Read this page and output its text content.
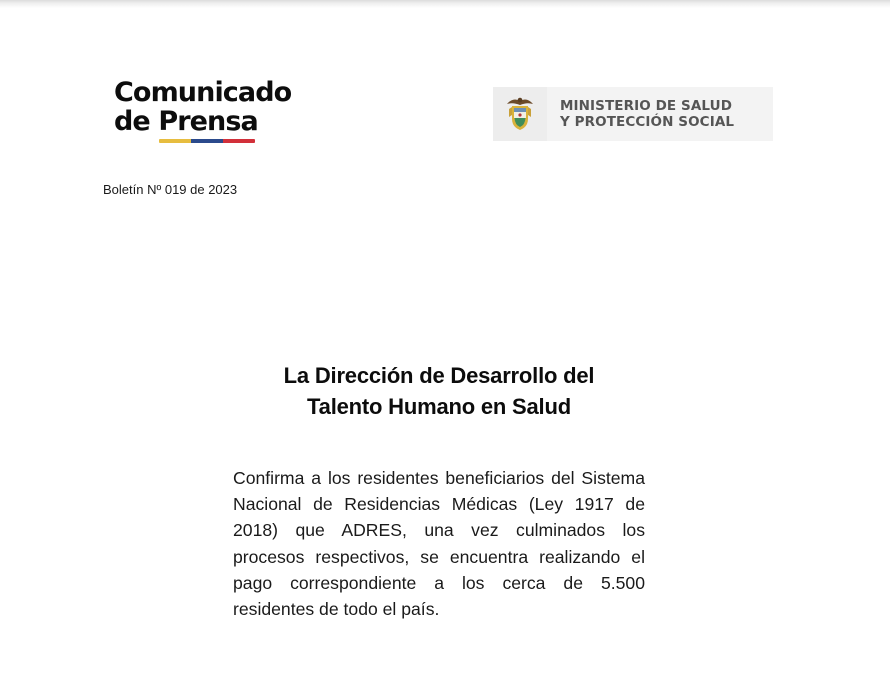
Comunicado
de Prensa	MINISTERIO DE SALUD
Y PROTECCIÓN SOCIAL
Boletín Nº 019 de 2023
La Dirección de Desarrollo del
Talento Humano en Salud

Confirma a los residentes beneficiarios del Sistema Nacional de Residencias Médicas (Ley 1917 de 2018) que ADRES, una vez culminados los procesos respectivos, se encuentra realizando el pago correspondiente a los cerca de 5.500 residentes de todo el país.
